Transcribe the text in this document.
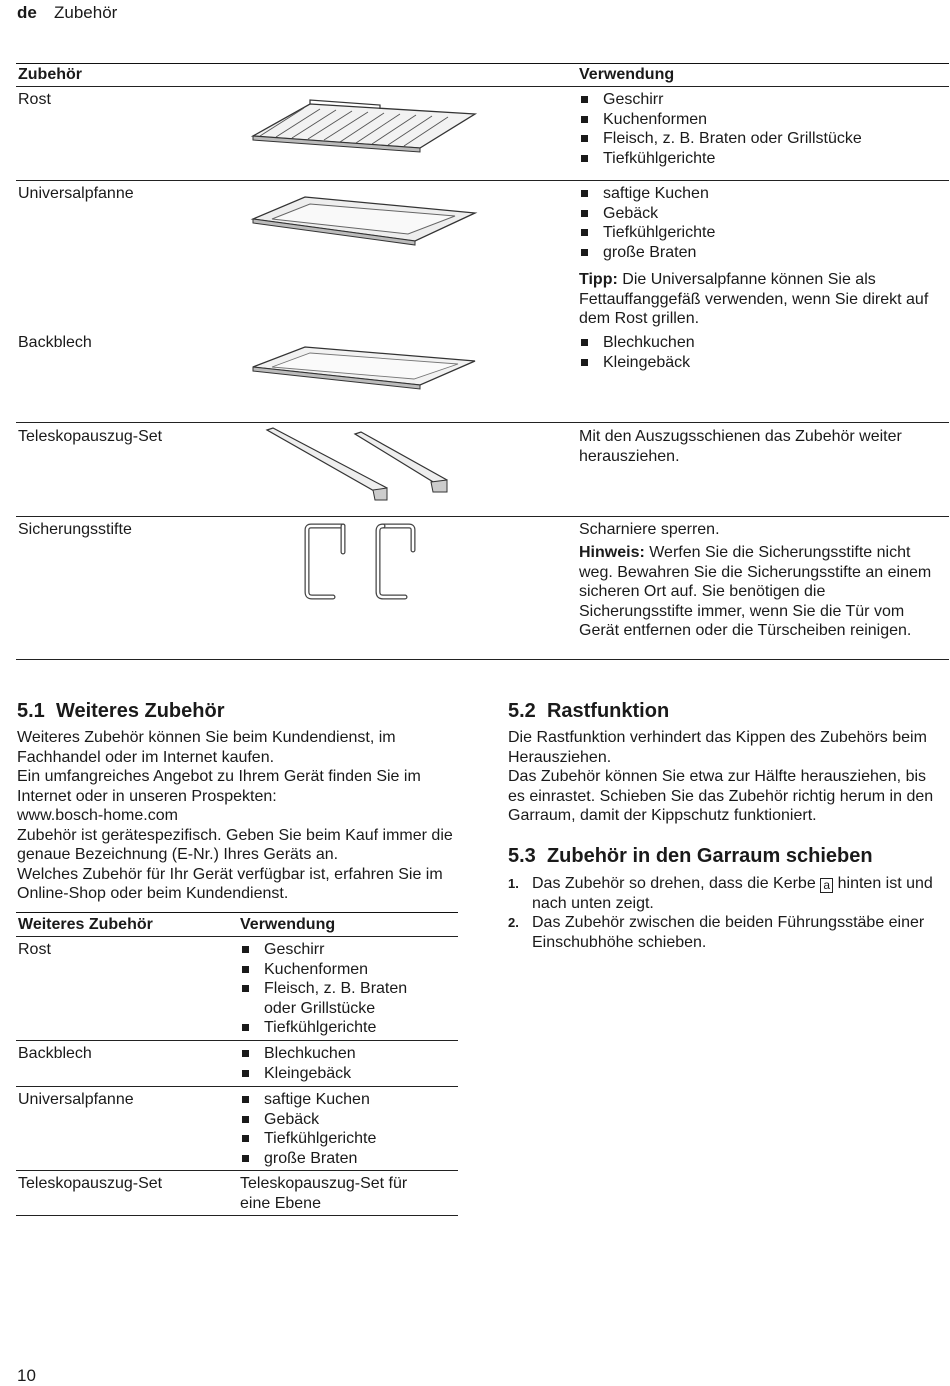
de Zubehör
Zubehör	Verwendung
Rost	Geschirr
Kuchenformen
Fleisch, z. B. Braten oder Grillstücke
Tiefkühlgerichte
Universalpfanne	saftige Kuchen
Gebäck
Tiefkühlgerichte
große Braten

Tipp: Die Universalpfanne können Sie als Fettauffanggefäß verwenden, wenn Sie direkt auf dem Rost grillen.

Backblech	Blechkuchen
Kleingebäck
Teleskopauszug-Set	Mit den Auszugsschienen das Zubehör weiter herausziehen.

Sicherungsstifte	Scharniere sperren.

Hinweis: Werfen Sie die Sicherungsstifte nicht weg. Bewahren Sie die Sicherungsstifte an einem sicheren Ort auf. Sie benötigen die Sicherungsstifte immer, wenn Sie die Tür vom Gerät entfernen oder die Türscheiben reinigen.

5.1 Weiteres Zubehör

Weiteres Zubehör können Sie beim Kundendienst, im Fachhandel oder im Internet kaufen.

Ein umfangreiches Angebot zu Ihrem Gerät finden Sie im Internet oder in unseren Prospekten:

www.bosch-home.com

Zubehör ist gerätespezifisch. Geben Sie beim Kauf immer die genaue Bezeichnung (E-Nr.) Ihres Geräts an.

Welches Zubehör für Ihr Gerät verfügbar ist, erfahren Sie im Online-Shop oder beim Kundendienst.

Weiteres Zubehör	Verwendung
Rost	Geschirr
Kuchenformen
Fleisch, z. B. Braten oder Grillstücke
Tiefkühlgerichte
Backblech	Blechkuchen
Kleingebäck
Universalpfanne	saftige Kuchen
Gebäck
Tiefkühlgerichte
große Braten
Teleskopauszug-Set	Teleskopauszug-Set für eine Ebene

5.2 Rastfunktion

Die Rastfunktion verhindert das Kippen des Zubehörs beim Herausziehen.

Das Zubehör können Sie etwa zur Hälfte herausziehen, bis es einrastet. Schieben Sie das Zubehör richtig herum in den Garraum, damit der Kippschutz funktioniert.

5.3 Zubehör in den Garraum schieben
1. Das Zubehör so drehen, dass die Kerbe a hinten ist und nach unten zeigt.
2. Das Zubehör zwischen die beiden Führungsstäbe einer Einschubhöhe schieben.
10
